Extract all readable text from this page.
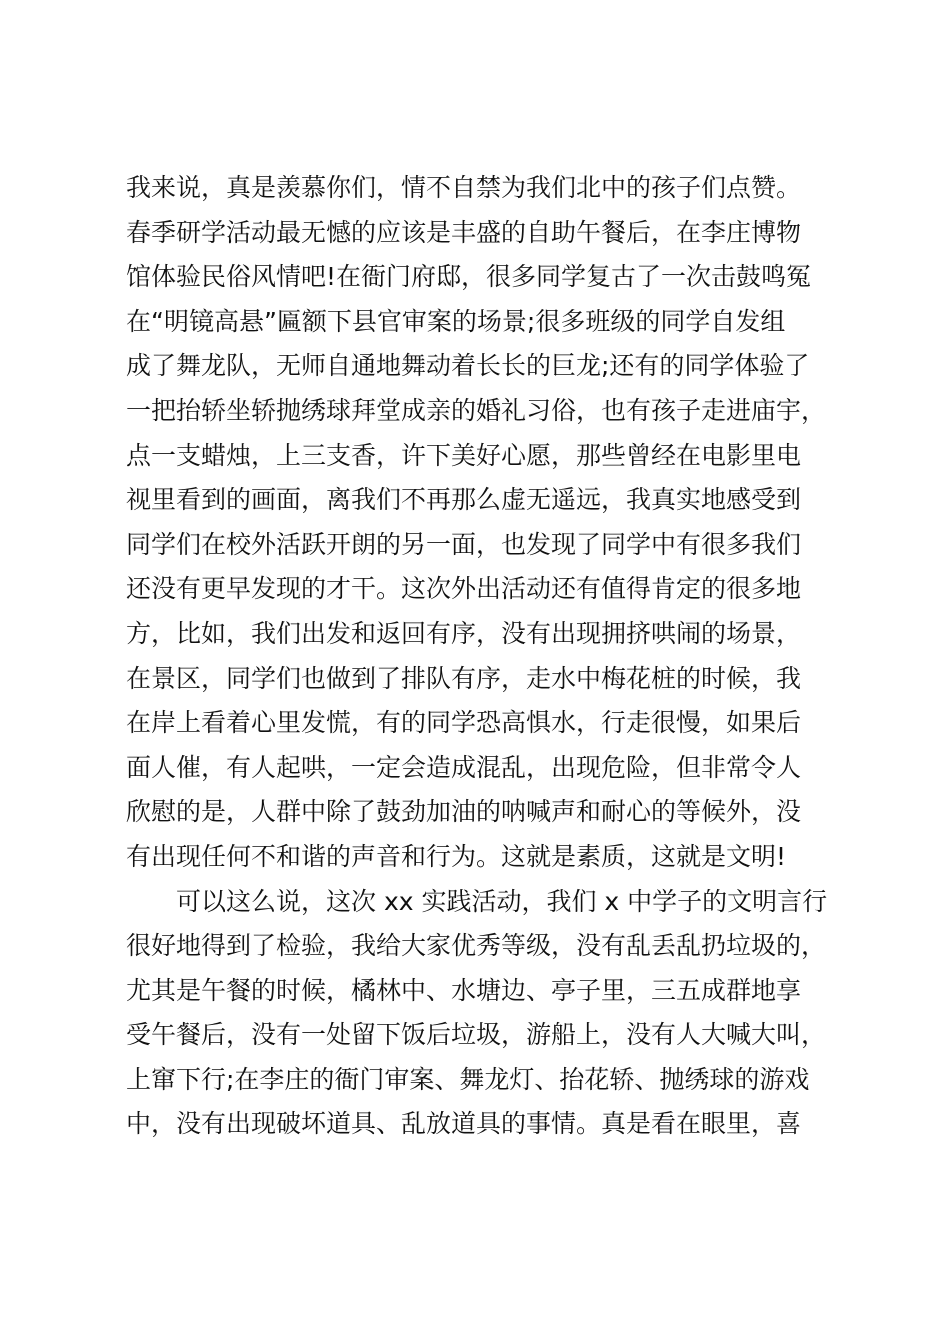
我来说，真是羡慕你们，情不自禁为我们北中的孩子们点赞。
春季研学活动最无憾的应该是丰盛的自助午餐后，在李庄博物
馆体验民俗风情吧!在衙门府邸，很多同学复古了一次击鼓鸣冤
在“明镜高悬”匾额下县官审案的场景;很多班级的同学自发组
成了舞龙队，无师自通地舞动着长长的巨龙;还有的同学体验了
一把抬轿坐轿抛绣球拜堂成亲的婚礼习俗，也有孩子走进庙宇，
点一支蜡烛，上三支香，许下美好心愿，那些曾经在电影里电
视里看到的画面，离我们不再那么虚无遥远，我真实地感受到
同学们在校外活跃开朗的另一面，也发现了同学中有很多我们
还没有更早发现的才干。这次外出活动还有值得肯定的很多地
方，比如，我们出发和返回有序，没有出现拥挤哄闹的场景，
在景区，同学们也做到了排队有序，走水中梅花桩的时候，我
在岸上看着心里发慌，有的同学恐高惧水，行走很慢，如果后
面人催，有人起哄，一定会造成混乱，出现危险，但非常令人
欣慰的是，人群中除了鼓劲加油的呐喊声和耐心的等候外，没
有出现任何不和谐的声音和行为。这就是素质，这就是文明!
可以这么说，这次 xx 实践活动，我们 x 中学子的文明言行
很好地得到了检验，我给大家优秀等级，没有乱丢乱扔垃圾的，
尤其是午餐的时候，橘林中、水塘边、亭子里，三五成群地享
受午餐后，没有一处留下饭后垃圾，游船上，没有人大喊大叫，
上窜下行;在李庄的衙门审案、舞龙灯、抬花轿、抛绣球的游戏
中，没有出现破坏道具、乱放道具的事情。真是看在眼里，喜
